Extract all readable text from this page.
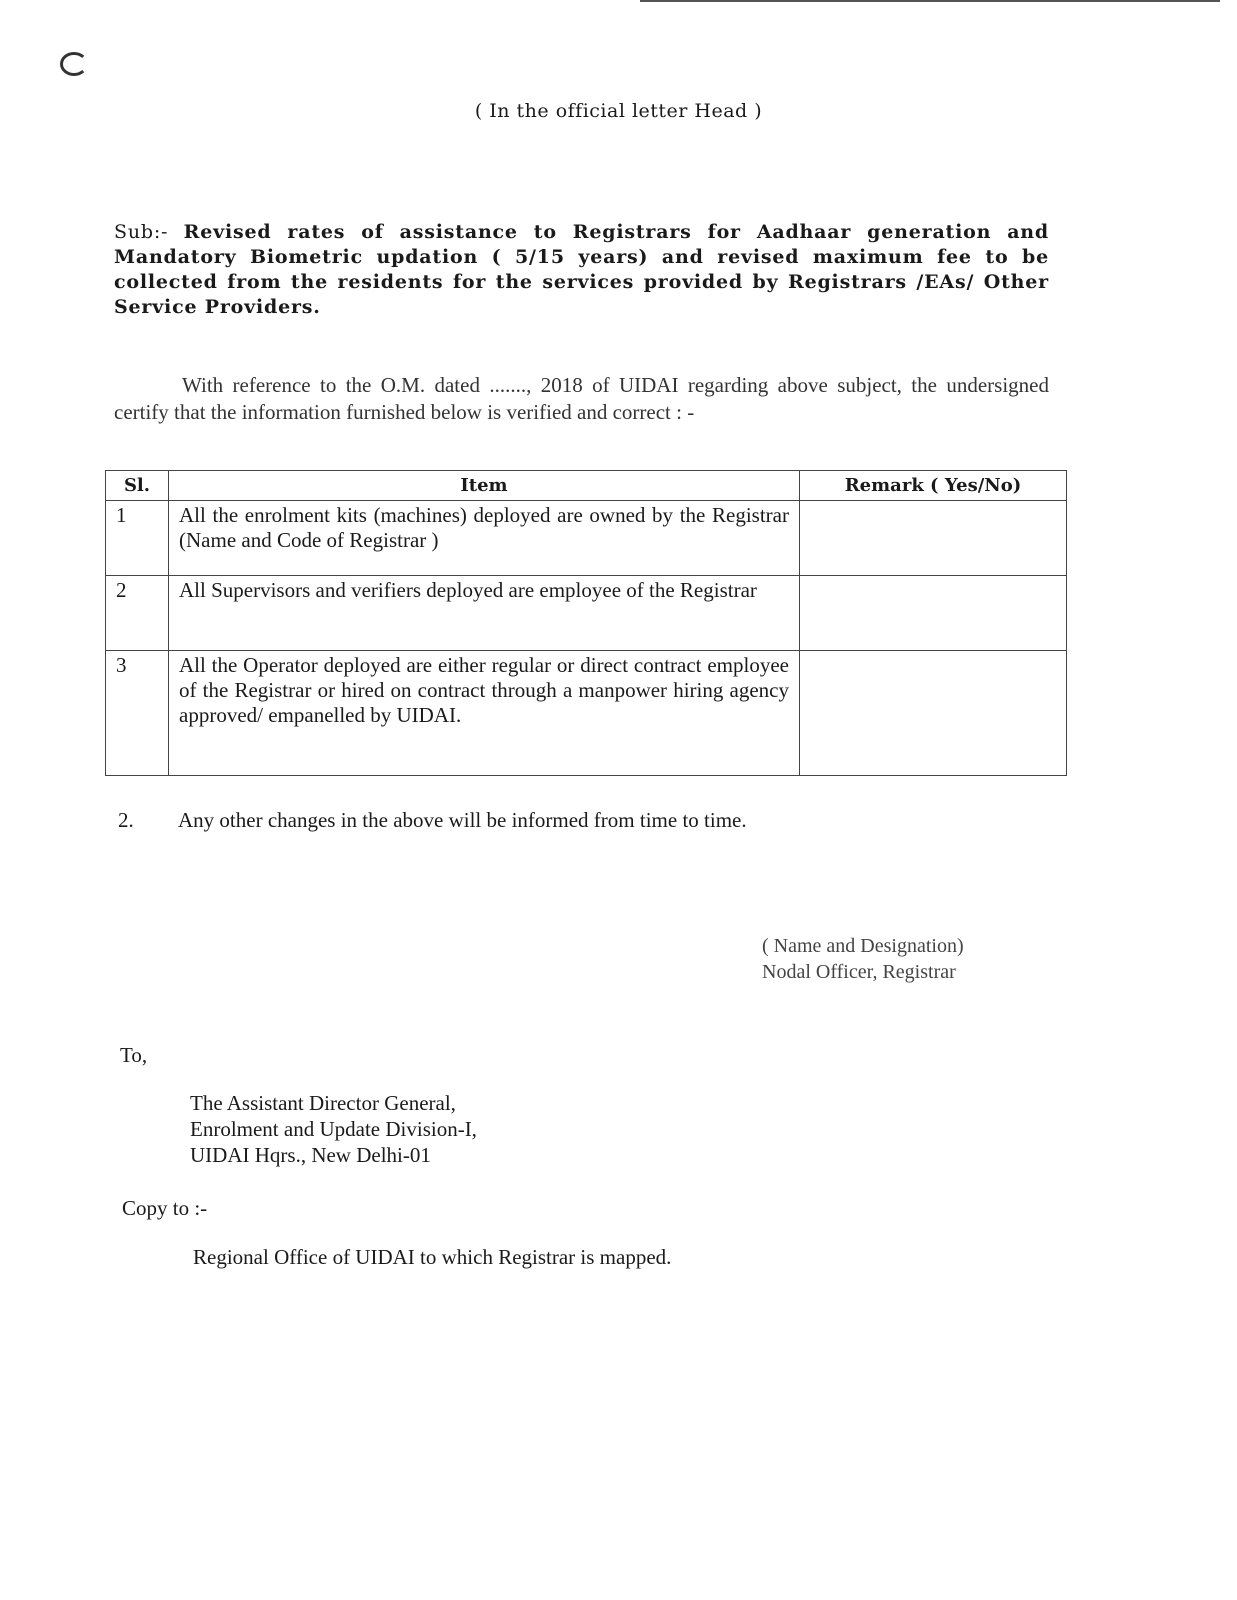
( In the official letter Head )
Sub:- Revised rates of assistance to Registrars for Aadhaar generation and Mandatory Biometric updation ( 5/15 years) and revised maximum fee to be collected from the residents for the services provided by Registrars /EAs/ Other Service Providers.
With reference to the O.M. dated ......., 2018 of UIDAI regarding above subject, the undersigned certify that the information furnished below is verified and correct : -
Sl.	Item	Remark ( Yes/No)
1	All the enrolment kits (machines) deployed are owned by the Registrar (Name and Code of Registrar )	
2	All Supervisors and verifiers deployed are employee of the Registrar	
3	All the Operator deployed are either regular or direct contract employee of the Registrar or hired on contract through a manpower hiring agency approved/ empanelled by UIDAI.	
2. Any other changes in the above will be informed from time to time.
( Name and Designation)
Nodal Officer, Registrar
To,
The Assistant Director General,
Enrolment and Update Division-I,
UIDAI Hqrs., New Delhi-01
Copy to :-
Regional Office of UIDAI to which Registrar is mapped.
